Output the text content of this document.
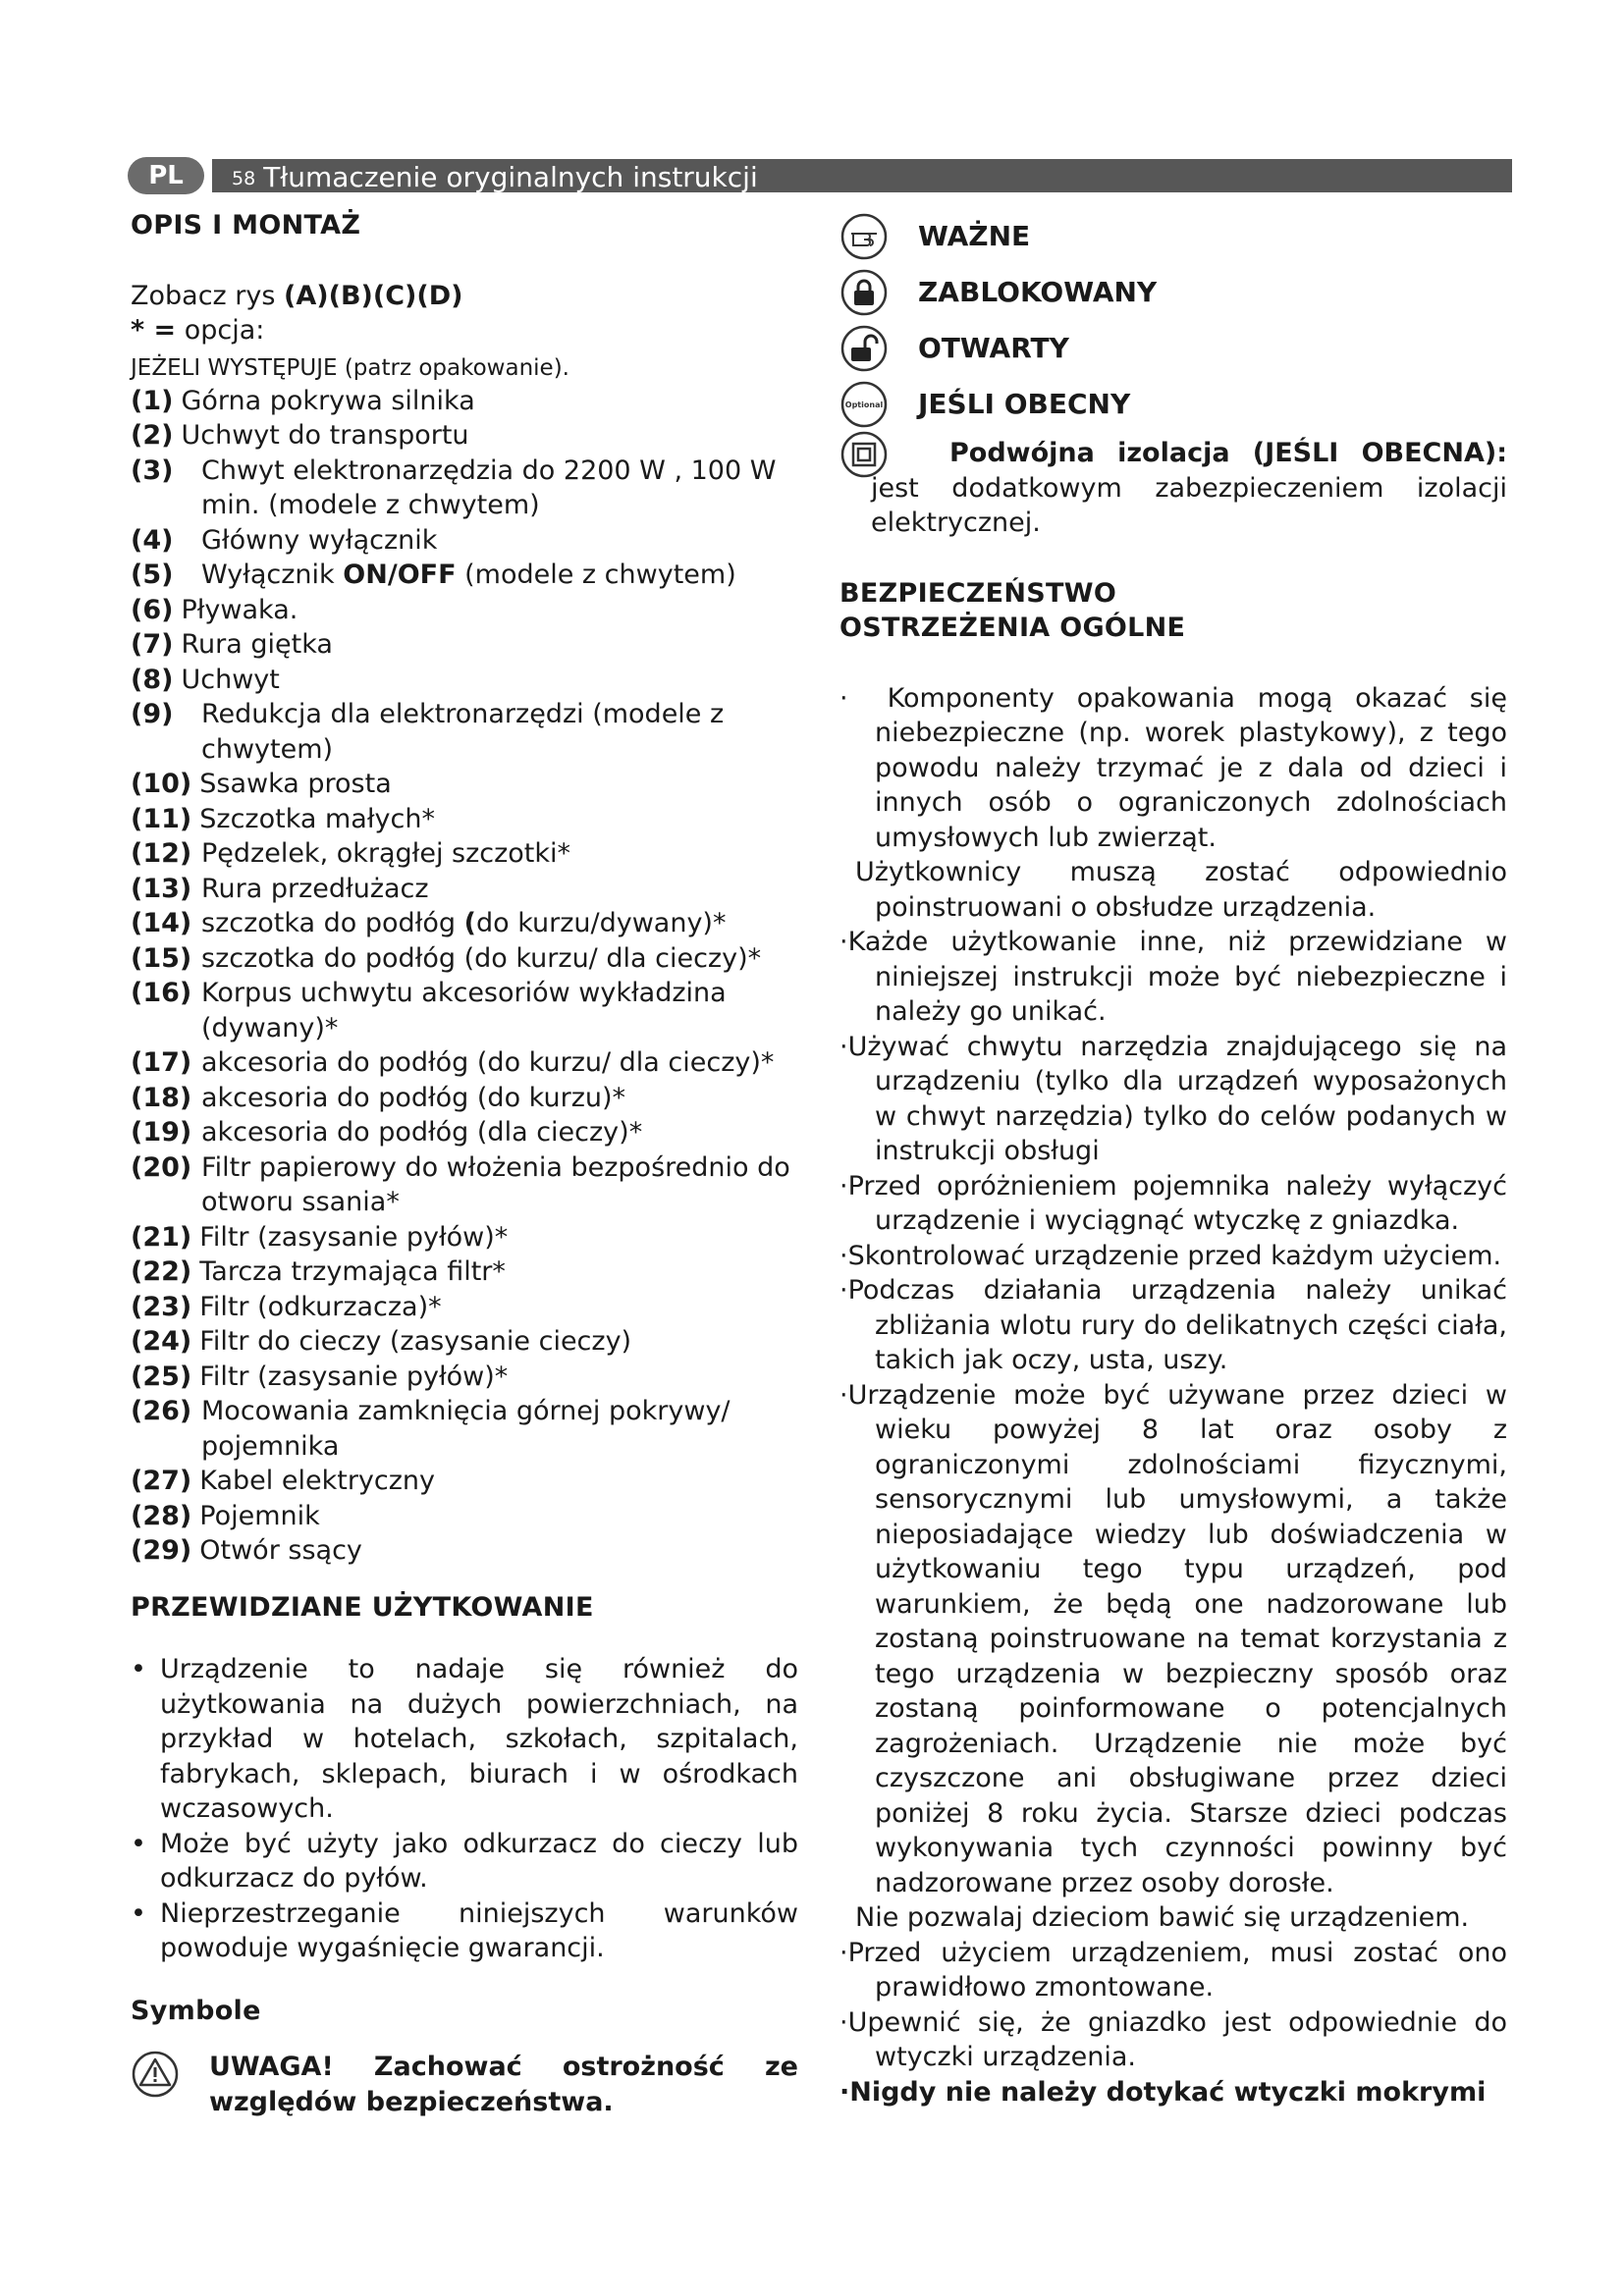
PL	58 Tłumaczenie oryginalnych instrukcji
OPIS I MONTAŻ

Zobacz rys (A)(B)(C)(D)

* = opcja:

JEŻELI WYSTĘPUJE (patrz opakowanie).

(1) Górna pokrywa silnika
(2) Uchwyt do transportu
(3)	Chwyt elektronarzędzia do 2200 W , 100 W min. (modele z chwytem)
(4)	Główny wyłącznik
(5)	Wyłącznik ON/OFF (modele z chwytem)
(6) Pływaka.
(7) Rura giętka
(8) Uchwyt
(9)	Redukcja dla elektronarzędzi (modele z chwytem)
(10) Ssawka prosta
(11) Szczotka małych*
(12) Pędzelek, okrągłej szczotki*
(13) Rura przedłużacz
(14) szczotka do podłóg (do kurzu/dywany)*
(15) szczotka do podłóg (do kurzu/ dla cieczy)*
(16) Korpus uchwytu akcesoriów wykładzina (dywany)*
(17) akcesoria do podłóg (do kurzu/ dla cieczy)*
(18) akcesoria do podłóg (do kurzu)*
(19) akcesoria do podłóg (dla cieczy)*
(20) Filtr papierowy do włożenia bezpośrednio do otworu ssania*
(21) Filtr (zasysanie pyłów)*
(22) Tarcza trzymająca filtr*
(23) Filtr (odkurzacza)*
(24) Filtr do cieczy (zasysanie cieczy)
(25) Filtr (zasysanie pyłów)*
(26) Mocowania zamknięcia górnej pokrywy/ pojemnika
(27) Kabel elektryczny
(28) Pojemnik
(29) Otwór ssący
PRZEWIDZIANE UŻYTKOWANIE
• Urządzenie to nadaje się również do użytkowania na dużych powierzchniach, na przykład w hotelach, szkołach, szpitalach, fabrykach, sklepach, biurach i w ośrodkach wczasowych.
• Może być użyty jako odkurzacz do cieczy lub odkurzacz do pyłów.
• Nieprzestrzeganie niniejszych warunków powoduje wygaśnięcie gwarancji.
Symbole

UWAGA! Zachować ostrożność ze względów bezpieczeństwa.

WAŻNE
ZABLOKOWANY
OTWARTY
Optional JEŚLI OBECNY

Podwójna izolacja (JEŚLI OBECNA): jest dodatkowym zabezpieczeniem izolacji elektrycznej.

BEZPIECZEŃSTWO
OSTRZEŻENIA OGÓLNE

· Komponenty opakowania mogą okazać się niebezpieczne (np. worek plastykowy), z tego powodu należy trzymać je z dala od dzieci i innych osób o ograniczonych zdolnościach umysłowych lub zwierząt.

Użytkownicy muszą zostać odpowiednio poinstruowani o obsłudze urządzenia.

·Każde użytkowanie inne, niż przewidziane w niniejszej instrukcji może być niebezpieczne i należy go unikać.

·Używać chwytu narzędzia znajdującego się na urządzeniu (tylko dla urządzeń wyposażonych w chwyt narzędzia) tylko do celów podanych w instrukcji obsługi

·Przed opróżnieniem pojemnika należy wyłączyć urządzenie i wyciągnąć wtyczkę z gniazdka.

·Skontrolować urządzenie przed każdym użyciem.

·Podczas działania urządzenia należy unikać zbliżania wlotu rury do delikatnych części ciała, takich jak oczy, usta, uszy.

·Urządzenie może być używane przez dzieci w wieku powyżej 8 lat oraz osoby z ograniczonymi zdolnościami fizycznymi, sensorycznymi lub umysłowymi, a także nieposiadające wiedzy lub doświadczenia w użytkowaniu tego typu urządzeń, pod warunkiem, że będą one nadzorowane lub zostaną poinstruowane na temat korzystania z tego urządzenia w bezpieczny sposób oraz zostaną poinformowane o potencjalnych zagrożeniach. Urządzenie nie może być czyszczone ani obsługiwane przez dzieci poniżej 8 roku życia. Starsze dzieci podczas wykonywania tych czynności powinny być nadzorowane przez osoby dorosłe.

Nie pozwalaj dzieciom bawić się urządzeniem.

·Przed użyciem urządzeniem, musi zostać ono prawidłowo zmontowane.

·Upewnić się, że gniazdko jest odpowiednie do wtyczki urządzenia.

·Nigdy nie należy dotykać wtyczki mokrymi
